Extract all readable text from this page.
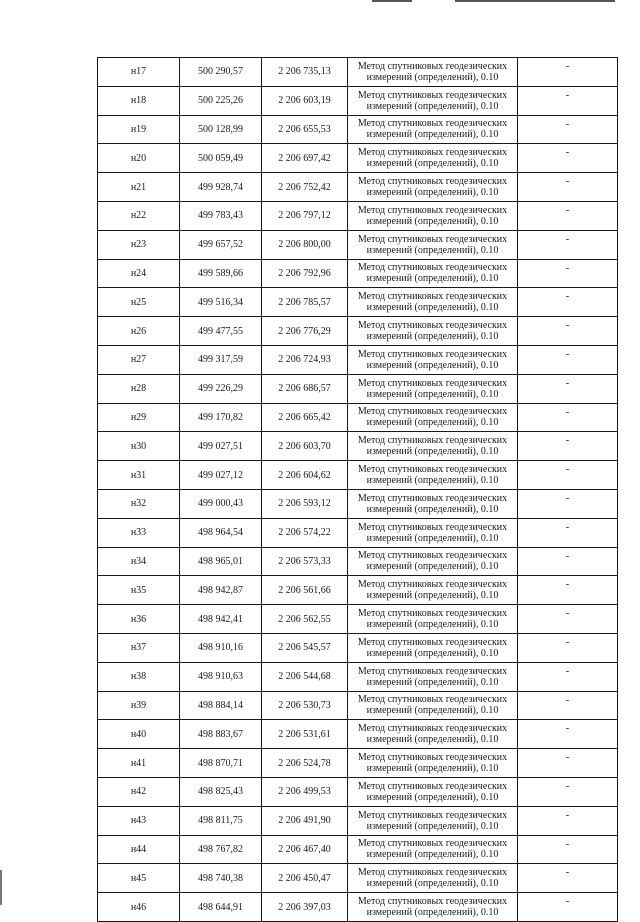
н17	500 290,57	2 206 735,13	Метод спутниковых геодезических
измерений (определений), 0.10	-
н18	500 225,26	2 206 603,19	Метод спутниковых геодезических
измерений (определений), 0.10	-
н19	500 128,99	2 206 655,53	Метод спутниковых геодезических
измерений (определений), 0.10	-
н20	500 059,49	2 206 697,42	Метод спутниковых геодезических
измерений (определений), 0.10	-
н21	499 928,74	2 206 752,42	Метод спутниковых геодезических
измерений (определений), 0.10	-
н22	499 783,43	2 206 797,12	Метод спутниковых геодезических
измерений (определений), 0.10	-
н23	499 657,52	2 206 800,00	Метод спутниковых геодезических
измерений (определений), 0.10	-
н24	499 589,66	2 206 792,96	Метод спутниковых геодезических
измерений (определений), 0.10	-
н25	499 516,34	2 206 785,57	Метод спутниковых геодезических
измерений (определений), 0.10	-
н26	499 477,55	2 206 776,29	Метод спутниковых геодезических
измерений (определений), 0.10	-
н27	499 317,59	2 206 724,93	Метод спутниковых геодезических
измерений (определений), 0.10	-
н28	499 226,29	2 206 686,57	Метод спутниковых геодезических
измерений (определений), 0.10	-
н29	499 170,82	2 206 665,42	Метод спутниковых геодезических
измерений (определений), 0.10	-
н30	499 027,51	2 206 603,70	Метод спутниковых геодезических
измерений (определений), 0.10	-
н31	499 027,12	2 206 604,62	Метод спутниковых геодезических
измерений (определений), 0.10	-
н32	499 000,43	2 206 593,12	Метод спутниковых геодезических
измерений (определений), 0.10	-
н33	498 964,54	2 206 574,22	Метод спутниковых геодезических
измерений (определений), 0.10	-
н34	498 965,01	2 206 573,33	Метод спутниковых геодезических
измерений (определений), 0.10	-
н35	498 942,87	2 206 561,66	Метод спутниковых геодезических
измерений (определений), 0.10	-
н36	498 942,41	2 206 562,55	Метод спутниковых геодезических
измерений (определений), 0.10	-
н37	498 910,16	2 206 545,57	Метод спутниковых геодезических
измерений (определений), 0.10	-
н38	498 910,63	2 206 544,68	Метод спутниковых геодезических
измерений (определений), 0.10	-
н39	498 884,14	2 206 530,73	Метод спутниковых геодезических
измерений (определений), 0.10	-
н40	498 883,67	2 206 531,61	Метод спутниковых геодезических
измерений (определений), 0.10	-
н41	498 870,71	2 206 524,78	Метод спутниковых геодезических
измерений (определений), 0.10	-
н42	498 825,43	2 206 499,53	Метод спутниковых геодезических
измерений (определений), 0.10	-
н43	498 811,75	2 206 491,90	Метод спутниковых геодезических
измерений (определений), 0.10	-
н44	498 767,82	2 206 467,40	Метод спутниковых геодезических
измерений (определений), 0.10	-
н45	498 740,38	2 206 450,47	Метод спутниковых геодезических
измерений (определений), 0.10	-
н46	498 644,91	2 206 397,03	Метод спутниковых геодезических
измерений (определений), 0.10	-
